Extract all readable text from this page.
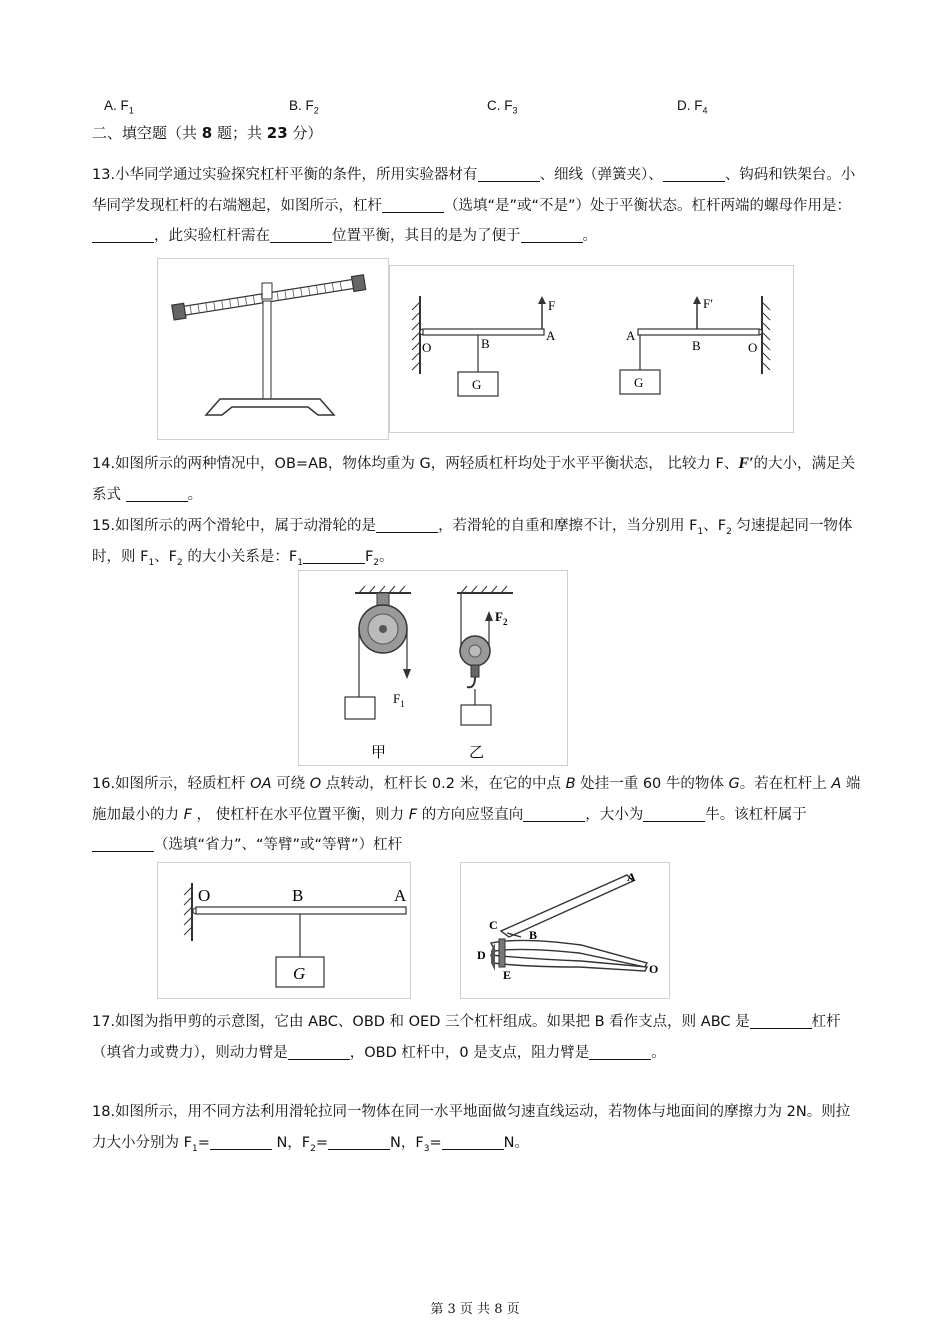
A. $F_1$	B. $F_2$	C. $F_3$	D. $F_4$
二、填空题（共 8 题；共 23 分）
13.小华同学通过实验探究杠杆平衡的条件，所用实验器材有	、细线（弹簧夹）、	、钩码和铁架台。小华同学发现杠杆的右端翘起，如图所示，杠杆	（选填“是”或“不是”）处于平衡状态。杠杆两端的螺母作用是：，此实验杠杆需在	位置平衡，其目的是为了便于	。
F
O	B
A
G
F′
A
B	O
G
14.如图所示的两种情况中，OB=AB，物体均重为 G，两轻质杠杆均处于水平平衡状态， 比较力 F、F′的大小，满足关系式	。
15.如图所示的两个滑轮中，属于动滑轮的是	，若滑轮的自重和摩擦不计，当分别用 $F_1$、$F_2$ 匀速提起同一物体时，则 $F_1$、$F_2$ 的大小关系是：$F_1$	$F_2$。
$F_1$
$F_2$
甲	乙
16.如图所示，轻质杠杆 OA 可绕 O 点转动，杠杆长 0.2 米，在它的中点 B 处挂一重 60 牛的物体 G。若在杠杆上 A 端施加最小的力 F ， 使杠杆在水平位置平衡，则力 F 的方向应竖直向	，大小为	牛。该杠杆属于 （选填“省力”、“等臂”或“等臂”）杠杆
O	B	A
G
A
B
C
D
E	O
17.如图为指甲剪的示意图，它由 ABC、OBD 和 OED 三个杠杆组成。如果把 B 看作支点，则 ABC 是	杠杆（填省力或费力），则动力臂是	，OBD 杠杆中，0 是支点，阻力臂是	。
18.如图所示，用不同方法利用滑轮拉同一物体在同一水平地面做匀速直线运动，若物体与地面间的摩擦力为 2N。则拉力大小分别为 $F_1=$	N，$F_2=$	N，$F_3=$	N。
第 3 页 共 8 页
